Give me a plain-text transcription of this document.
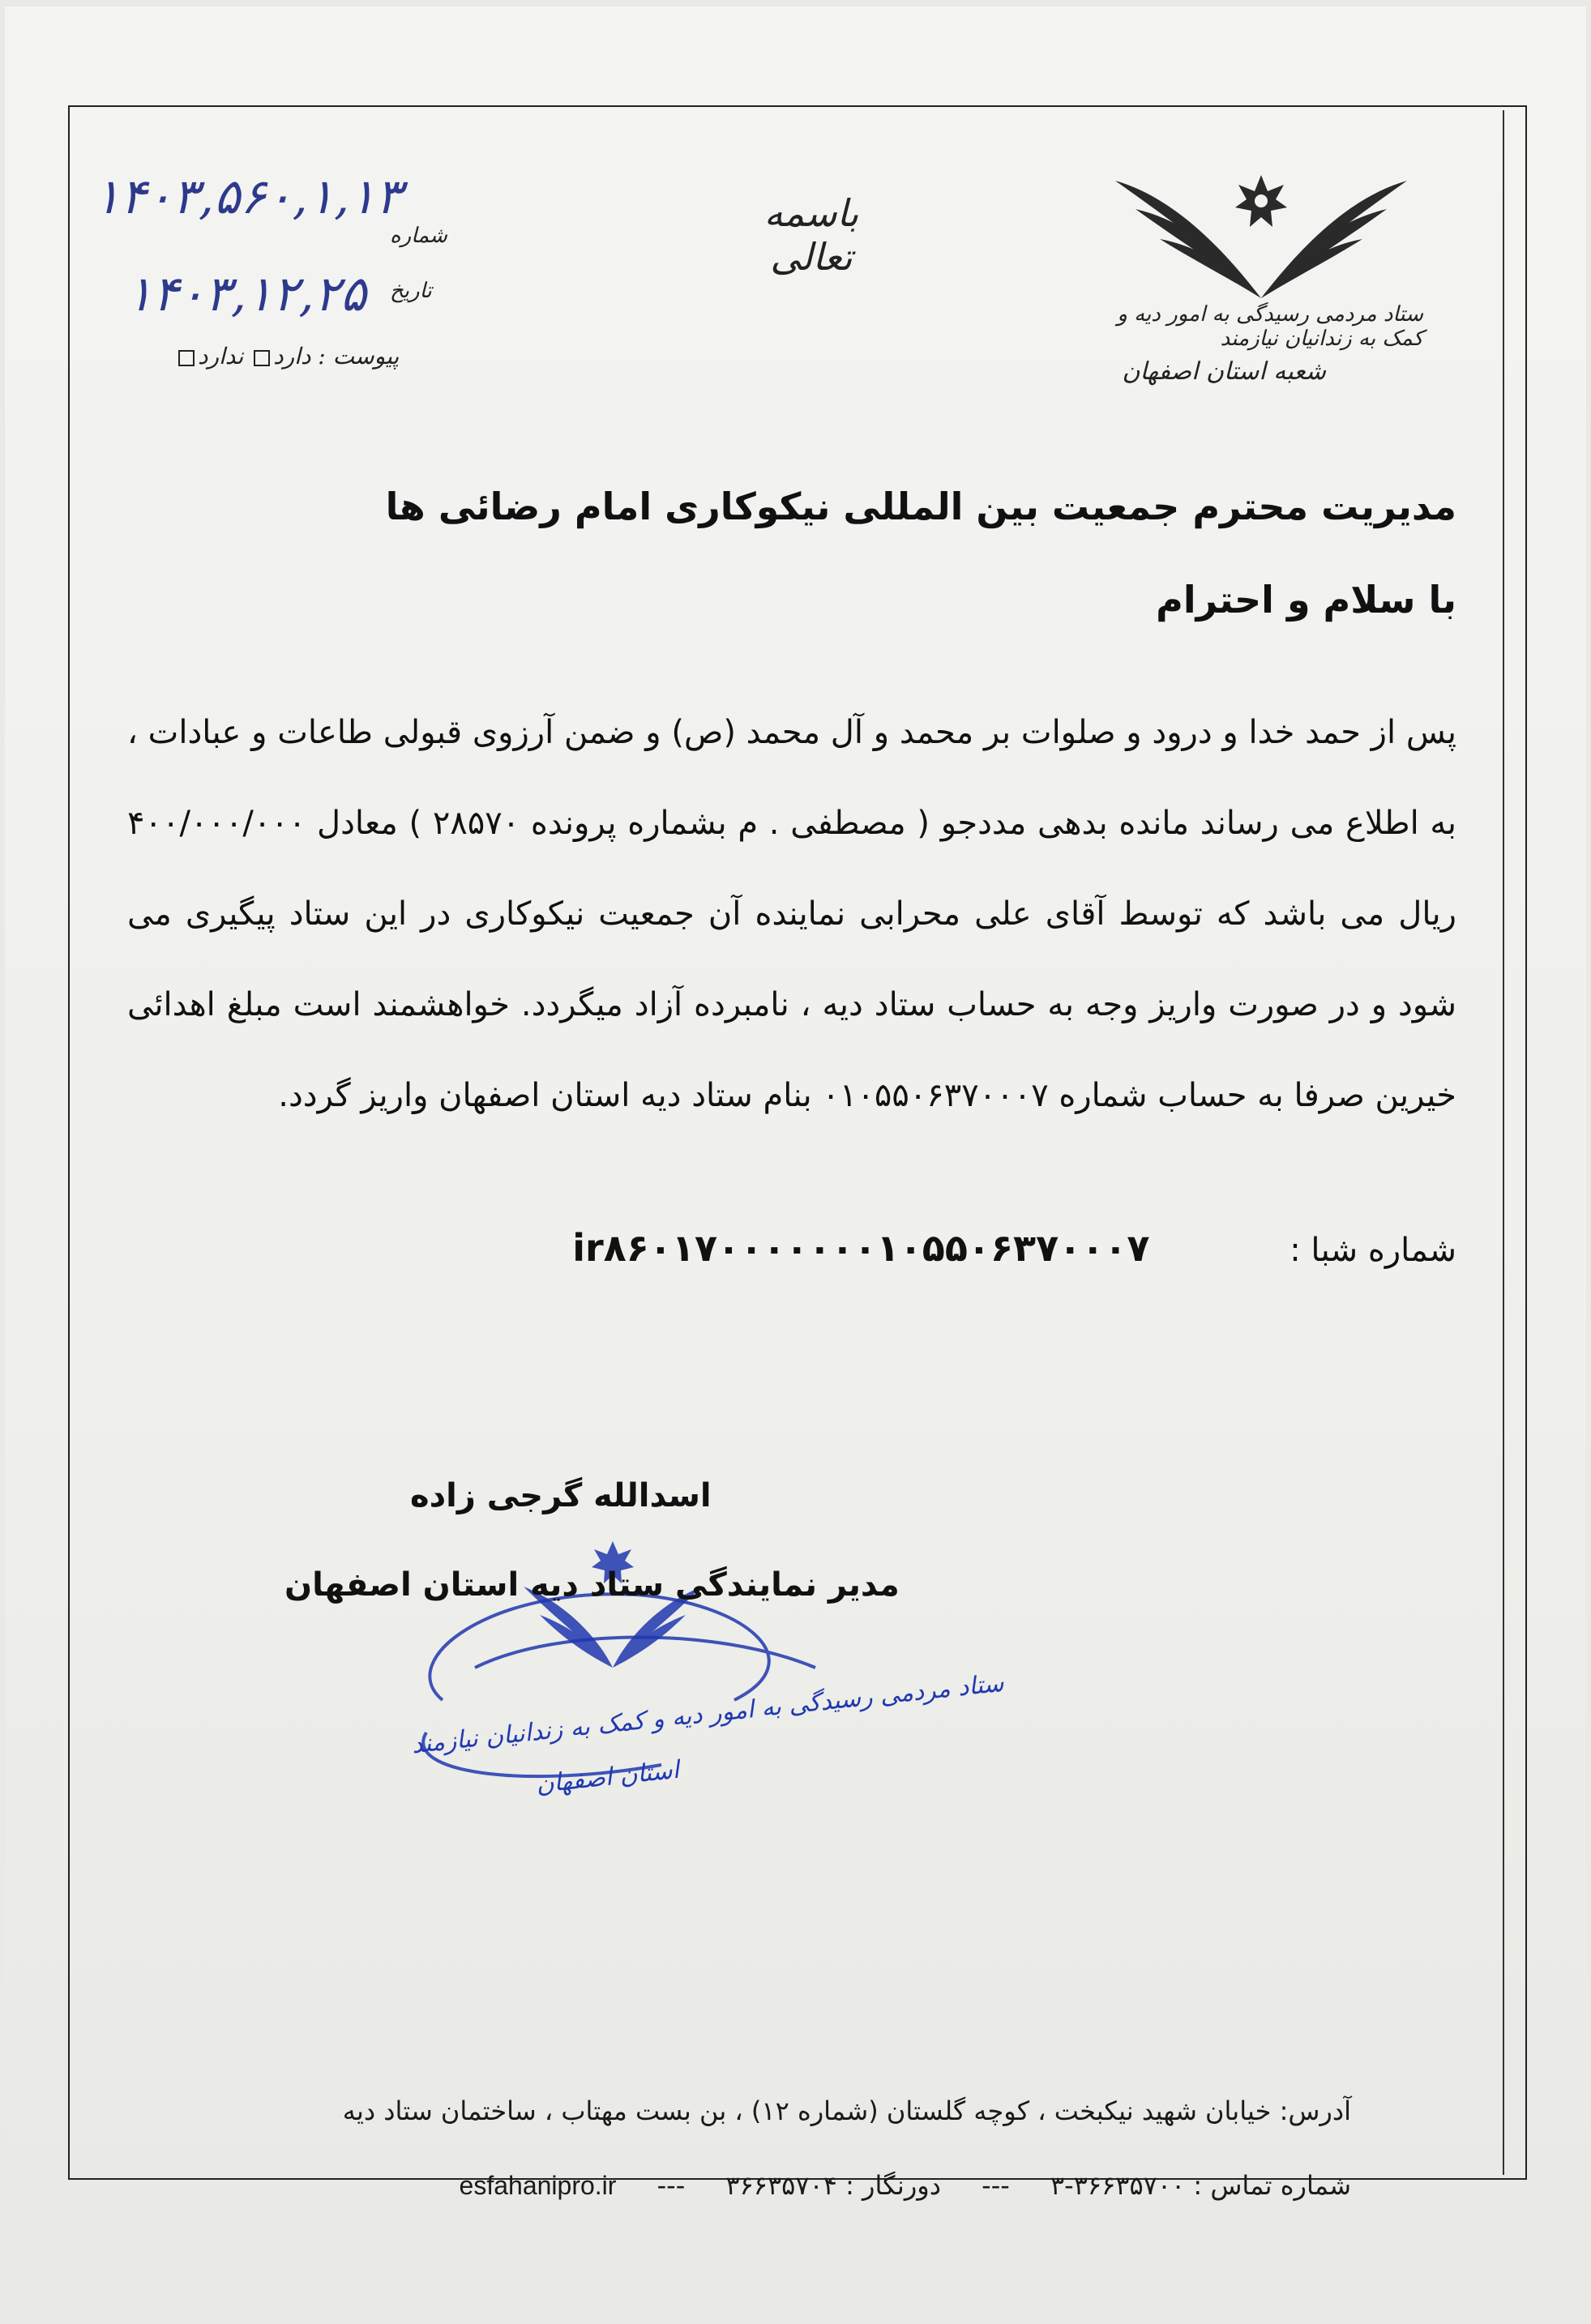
ستاد مردمی رسیدگی به امور دیه و کمک به زندانیان نیازمند
شعبه استان اصفهان
باسمه تعالی
۱۴۰۳,۵۶۰,۱,۱۳
شماره
۱۴۰۳,۱۲,۲۵ تاریخ
پیوست : دارد ندارد
مدیریت محترم جمعیت بین المللی نیکوکاری امام رضائی ها
با سلام و احترام
پس از حمد خدا و درود و صلوات بر محمد و آل محمد (ص) و ضمن آرزوی قبولی طاعات و عبادات ، به اطلاع می رساند مانده بدهی مددجو ( مصطفی . م بشماره پرونده ۲۸۵۷۰ ) معادل ۴۰۰/۰۰۰/۰۰۰ ریال می باشد که توسط آقای علی محرابی نماینده آن جمعیت نیکوکاری در این ستاد پیگیری می شود و در صورت واریز وجه به حساب ستاد دیه ، نامبرده آزاد میگردد. خواهشمند است مبلغ اهدائی خیرین صرفا به حساب شماره ۰۱۰۵۵۰۶۳۷۰۰۰۷ بنام ستاد دیه استان اصفهان واریز گردد.
شماره شبا : ir۸۶۰۱۷۰۰۰۰۰۰۰۱۰۵۵۰۶۳۷۰۰۰۷
ستاد مردمی رسیدگی به امور دیه و کمک به زندانیان نیازمند
استان اصفهان
اسدالله گرجی زاده
مدیر نمایندگی ستاد دیه استان اصفهان
آدرس: خیابان شهید نیکبخت ، کوچه گلستان (شماره ۱۲) ، بن بست مهتاب ، ساختمان ستاد دیه
شماره تماس : ۳۶۶۳۵۷۰۰-۳ --- دورنگار : ۳۶۶۳۵۷۰۴ --- esfahanipro.ir
